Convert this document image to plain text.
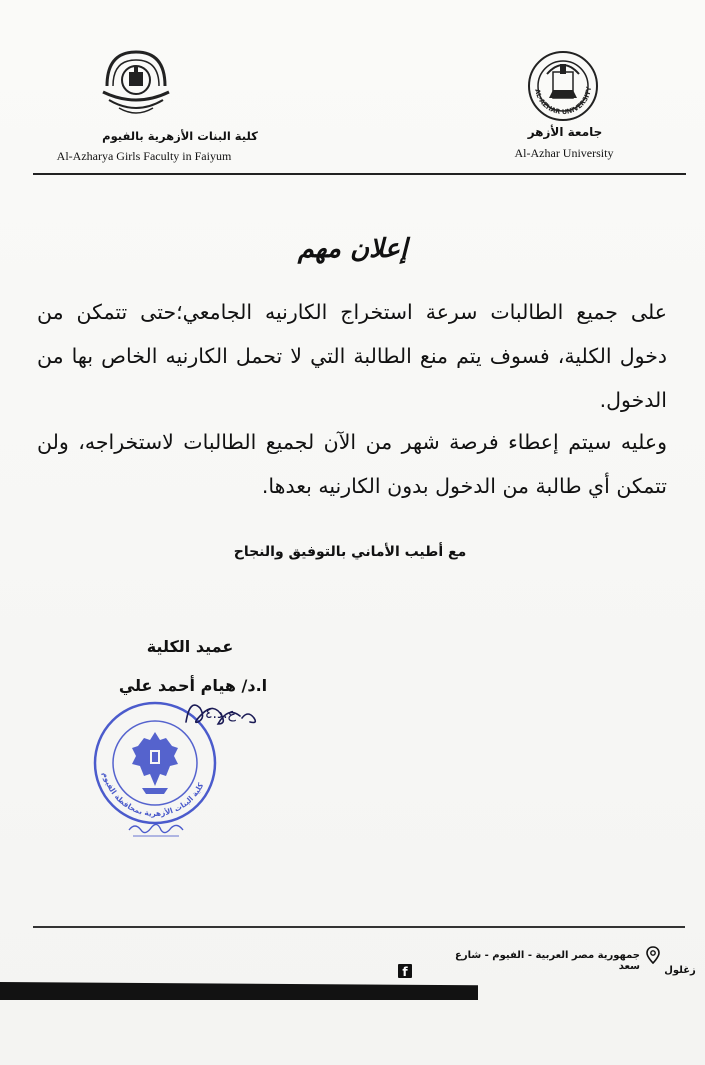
AL-AZHAR UNIVERSITY
جامعة الأزهر
Al-Azhar University
كلية البنات الأزهرية بالفيوم
Al-Azharya Girls Faculty in Faiyum
إعلان مهم
على جميع الطالبات سرعة استخراج الكارنيه الجامعي؛حتى تتمكن من دخول الكلية، فسوف يتم منع الطالبة التي لا تحمل الكارنيه الخاص بها من الدخول.
وعليه سيتم إعطاء فرصة شهر من الآن لجميع الطالبات لاستخراجه، ولن تتمكن أي طالبة من الدخول بدون الكارنيه بعدها.
مع أطيب الأماني بالتوفيق والنجاح
عميد الكلية
ا.د/ هيام أحمد علي
كلية البنات الأزهرية بمحافظة الفيوم
ع.د.٤
جمهورية مصر العربية - الفيوم - شارع سعد	زغلول
f
